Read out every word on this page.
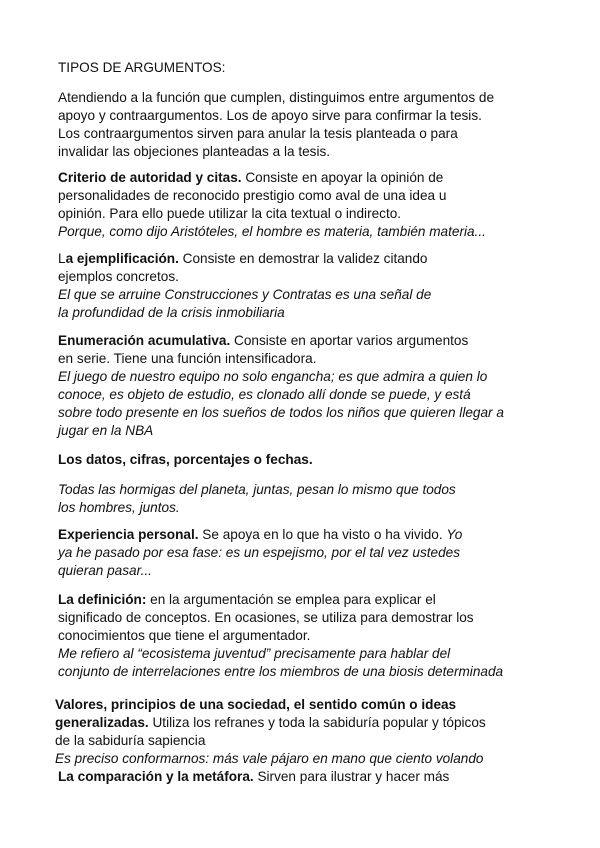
TIPOS DE ARGUMENTOS:

Atendiendo a la función que cumplen, distinguimos entre argumentos de
apoyo y contraargumentos. Los de apoyo sirve para confirmar la tesis.
Los contraargumentos sirven para anular la tesis planteada o para
invalidar las objeciones planteadas a la tesis.

Criterio de autoridad y citas. Consiste en apoyar la opinión de
personalidades de reconocido prestigio como aval de una idea u
opinión. Para ello puede utilizar la cita textual o indirecto.
Porque, como dijo Aristóteles, el hombre es materia, también materia...

La ejemplificación. Consiste en demostrar la validez citando
ejemplos concretos.
El que se arruine Construcciones y Contratas es una señal de
la profundidad de la crisis inmobiliaria

Enumeración acumulativa. Consiste en aportar varios argumentos
en serie. Tiene una función intensificadora.
El juego de nuestro equipo no solo engancha; es que admira a quien lo
conoce, es objeto de estudio, es clonado allí donde se puede, y está
sobre todo presente en los sueños de todos los niños que quieren llegar a
jugar en la NBA

Los datos, cifras, porcentajes o fechas.

Todas las hormigas del planeta, juntas, pesan lo mismo que todos
los hombres, juntos.

Experiencia personal. Se apoya en lo que ha visto o ha vivido. Yo
ya he pasado por esa fase: es un espejismo, por el tal vez ustedes
quieran pasar...

La definición: en la argumentación se emplea para explicar el
significado de conceptos. En ocasiones, se utiliza para demostrar los
conocimientos que tiene el argumentador.
Me refiero al “ecosistema juventud” precisamente para hablar del
conjunto de interrelaciones entre los miembros de una biosis determinada

Valores, principios de una sociedad, el sentido común o ideas
generalizadas. Utiliza los refranes y toda la sabiduría popular y tópicos
de la sabiduría sapiencia
Es preciso conformarnos: más vale pájaro en mano que ciento volando

La comparación y la metáfora. Sirven para ilustrar y hacer más
